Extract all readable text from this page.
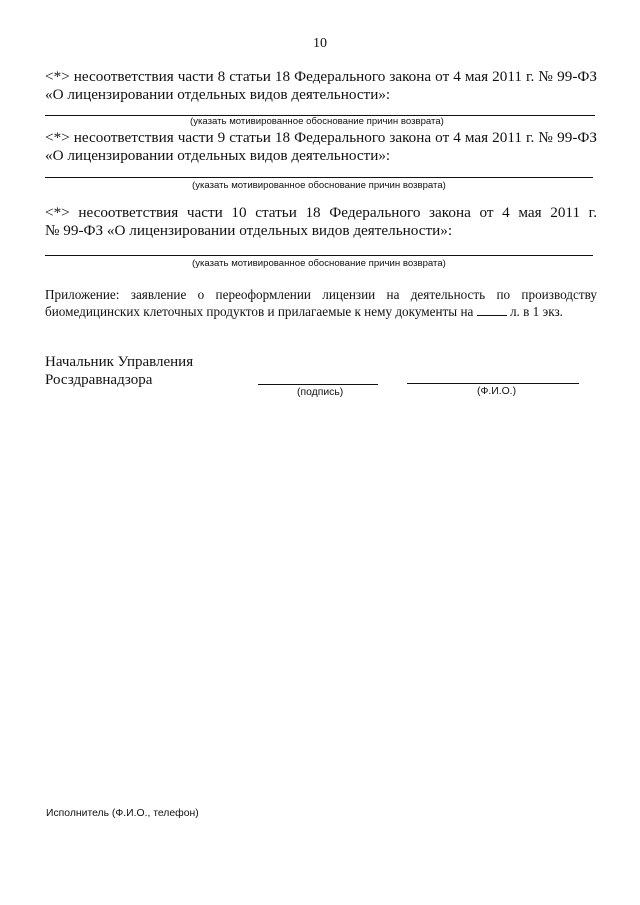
10
<*> несоответствия части 8 статьи 18 Федерального закона от 4 мая 2011 г. № 99-ФЗ
«О лицензировании отдельных видов деятельности»:
(указать мотивированное обоснование причин возврата)
<*> несоответствия части 9 статьи 18 Федерального закона от 4 мая 2011 г. № 99-ФЗ
«О лицензировании отдельных видов деятельности»:
(указать мотивированное обоснование причин возврата)
<*> несоответствия части 10 статьи 18 Федерального закона от 4 мая 2011 г.
№ 99-ФЗ «О лицензировании отдельных видов деятельности»:
(указать мотивированное обоснование причин возврата)
Приложение: заявление о переоформлении лицензии на деятельность по производству
биомедицинских клеточных продуктов и прилагаемые к нему документы на	л. в 1 экз.
Начальник Управления
Росздравнадзора
(подпись)	(Ф.И.О.)
Исполнитель (Ф.И.О., телефон)
